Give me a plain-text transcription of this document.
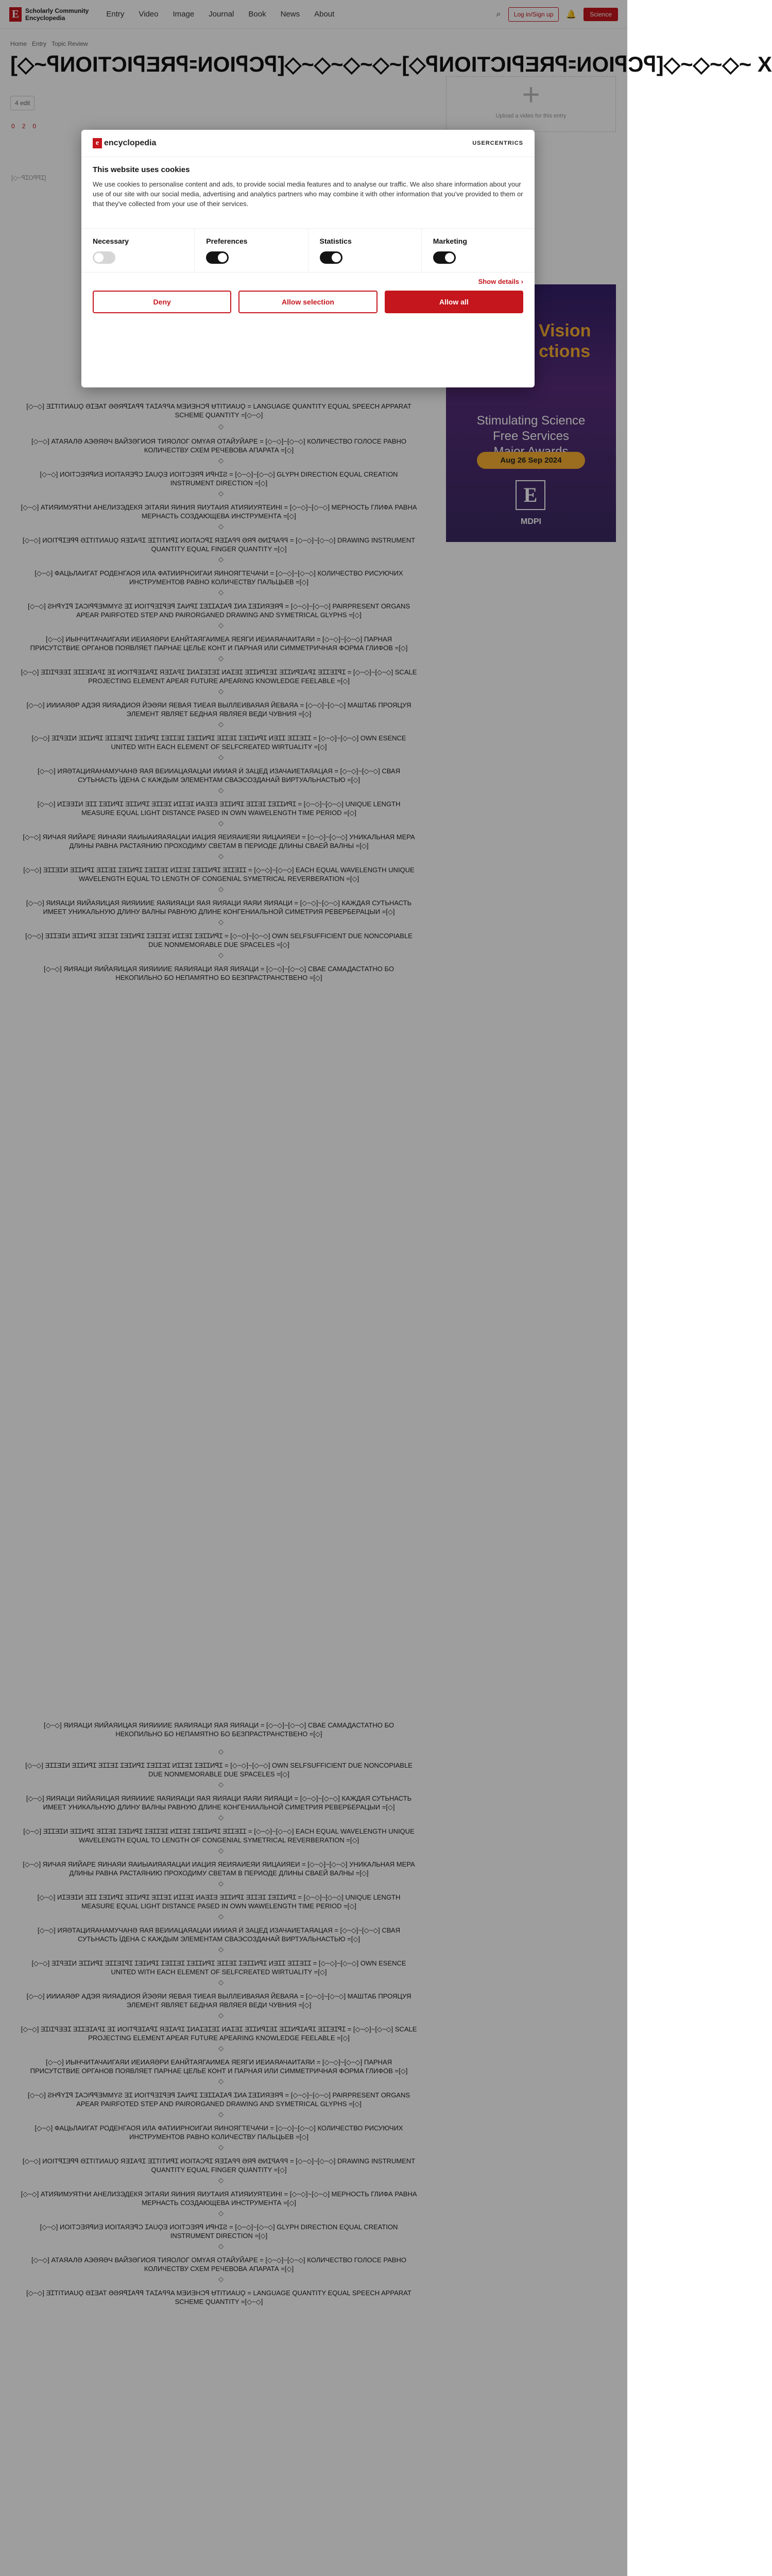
E	Scholarly Community
Encyclopedia	Entry	Video	Image	Journal	Book	News	About	⌕	Log in/Sign up	🔔	Science
Home Entry Topic Review
[◇~ꟼИOITƆIꟼƎЯꟼ꞊ИOIꟼƆꟼ]◇~◇~◇~◇~[◇ꟼИOITƆIꟼƎЯꟼ꞊ИOIꟼƆꟼ]◇~◇~◇~ X
4 edit
0 2 0
+
Upload a video for this entry
[◇~ꟼꞮOꟼꟼꞮ]
Vision
ctions
Stimulating Science
Free Services

Aug 26 Sep 2024
E
MDPI
[◇~◇] ƎꞮTITИAUϘ ӘꞮƎAT ӘӘЯꟼꞮAꟼꟼ ТAꞮAꟼꟼA MƎИƎHƆꟼ ɄTITИAUϘ = LANGUAGE QUANTITY EQUAL SPEECH APPARAT SCHEME QUANTITY =[◇~◇]
◇
[◇~◇] АТАЯАЛӘ АЭӘЯӘЧ ВАЙЗӘГИОЯ ТИЯОЛОГ ОМҮАЯ ОТАЙУЙАРЕ = [◇~◇]~[◇~◇] КОЛИЧЕСТВО ГОЛОСЕ РАВНО КОЛИЧЕСТВУ СХЕМ РЕЧЕВОВА АПАРАТА =[◇]
◇
[◇~◇] ИОITƆƎЯꟼИƎ ИOITAЯƎꟼƆ ꞮAUϘƎ ИOITƆƎЯꟼ ИꟼHꞮƧ = [◇~◇]~[◇~◇] GLYPH DIRECTION EQUAL CREATION INSTRUMENT DIRECTION =[◇]
◇
[◇~◇] АТИЯИМУЯТНИ АНЕЛИЗЭДЕКЯ ЭІТАЯИ ЯИНИЯ ЯИУТАИЯ АТИЯИУЯТЕИНІ = [◇~◇]~[◇~◇] МЕРНОСТЬ ГЛИФА РАВНА МЕРНАСТЬ СОЗДАЮЩЕВА ИНСТРУМЕНТА =[◇]
◇
[◇~◇] ИOITꟼꞮƎꟼꟼ ӘꞮTITИAUϘ ЯƎꞮAꟼꞮ ƎꞮTITИꟼꞮ ИOITAƆꟼꞮ ЯƎꞮAꟼꟼ ӘЯꟼ ӘИꞮꟼAꟼꟼ = [◇~◇]~[◇~◇] DRAWING INSTRUMENT QUANTITY EQUAL FINGER QUANTITY =[◇]
◇
[◇~◇] ФАЦЬЛАИГАТ РОДЕНГАОЯ ИЛА ФАТИИРНОИГАИ ЯИНОЯГТЕЧАЧИ = [◇~◇]~[◇~◇] КОЛИЧЕСТВО РИСУЮЧИХ ИНСТРУМЕНТОВ РАВНО КОЛИЧЕСТВУ ПАЛЬЦЬЕВ =[◇]
◇
[◇~◇] ƧHꟼYꞮꟼ ꞮAƆIꟼꟼƎMMYƧ ƎꞮ ИOITꟼƎꞮꟼƎꟼ ꞮAИꟼꞮ ꞮƎꞮꞮAꞮAꟼ ꞮИA ꞮƎꞮИЯƎЯꟼ = [◇~◇]~[◇~◇] PAIRPRESENT ORGANS APEAR PAIRFOTED STEP AND PAIRORGANED DRAWING AND SYMETRICAL GLYPHS =[◇]
◇
[◇~◇] ИЫНЧИТАЧАИГАЯИ ИЕИАЯӘРИ ЕАНЙТАЯГАИМЕА ЯЕЯГИ ИЕИАЯАЧАИТАЯИ = [◇~◇]~[◇~◇] ПАРНАЯ ПРИСУТСТВИЕ ОРГАНОВ ПОЯВЛЯЕТ ПАРНАЕ ЦЕЛЬЕ КОНТ И ПАРНАЯ ИЛИ СИММЕТРИЧНАЯ ФОРМА ГЛИФОВ =[◇]
◇
[◇~◇] ƎꞮIꞮꟼƎƎꞮ ƎꞮꞮƎꞮAꟼꞮ ƎꞮ ИOITꟼƎꞮAꟼꞮ ЯƎꞮAꟼꞮ ꞮИAꞮƎꞮƎꞮ ИAꞮƎꞮ ƎꞮꞮИꟼꞮƎꞮ ƎꞮꞮИꟼꞮAꟼꞮ ƎꞮꞮƎꞮꟼꞮ = [◇~◇]~[◇~◇] SCALE PROJECTING ELEMENT APEAR FUTURE APEARING KNOWLEDGE FEELABLE =[◇]
◇
[◇~◇] ИИИАЯӘР АДЭЯ ЯИЯАДИОЯ ЙЭӘЯИ ЯЕВАЯ ТИЕАЯ ВЫЛЛЕИВАЯАЯ ЙЕВАЯА = [◇~◇]~[◇~◇] МАШТАБ ПРОЯЦУЯ ЭЛЕМЕНТ ЯВЛЯЕТ БЕДНАЯ ЯВЛЯЕЯ ВЕДИ ЧУВНИЯ =[◇]
◇
[◇~◇] ƎꞮꟼƎꞮИ ƎꞮꞮИꟼꞮ ƎꞮꞮƎꞮꟼꞮ ꞮƎꞮИꟼꞮ ꞮƎꞮꞮƎꞮ ꞮƎꞮꞮИꟼꞮ ƎꞮꞮƎꞮ ꞮƎꞮꞮИꟼꞮ ИƎꞮꞮ ƎꞮꞮƎꞮꞮ = [◇~◇]~[◇~◇] OWN ESENCE UNITED WITH EACH ELEMENT OF SELFCREATED WIRTUALITY =[◇]
◇
[◇~◇] ИЯӘТАЦИЯАНАМУЧАНӘ ЯАЯ ВЕИИАЦАЯАЦАИ ИИИАЯ Ӥ ЗАЦЕД ИЗАЧАИЕТАЯАЦАЯ = [◇~◇]~[◇~◇] СВАЯ СУТЬНАСТЬ ЇДЕНА С КАЖДЫМ ЭЛЕМЕНТАМ СВАЭСОЗДАНАЙ ВИРТУАЛЬНАСТЬЮ =[◇]
◇
[◇~◇] ИꞮƎƎꞮИ ƎꞮꞮ ꞮƎꞮИꟼꞮ ƎꞮꞮИꟼꞮ ƎꞮꞮƎꞮ ИꞮꞮƎꞮ ИAƎꞮƎ ƎꞮꞮИꟼꞮ ƎꞮꞮƎꞮ ꞮƎꞮꞮИꟼꞮ = [◇~◇]~[◇~◇] UNIQUE LENGTH MEASURE EQUAL LIGHT DISTANCE PASED IN OWN WAWELENGTH TIME PERIOD =[◇]
◇
[◇~◇] ЯИЧАЯ ЯИЙАРЕ ЯИНАЯИ ЯАИЫАИЯАЯАЦАИ ИАЦИЯ ЯЕИЯАИЕЯИ ЯИЦАИЯЕИ = [◇~◇]~[◇~◇] УНИКАЛЬНАЯ МЕРА ДЛИНЫ РАВНА РАСТАЯНИЮ ПРОХОДИМУ СВЕТАМ В ПЕРИОДЕ ДЛИНЫ СВАЕЙ ВАЛНЫ =[◇]
◇
[◇~◇] ƎꞮꞮƎꞮИ ƎꞮꞮИꟼꞮ ƎꞮꞮƎꞮ ꞮƎꞮИꟼꞮ ꞮƎꞮꞮƎꞮ ИꞮꞮƎꞮ ꞮƎꞮꞮИꟼꞮ ƎꞮꞮƎꞮꞮ = [◇~◇]~[◇~◇] EACH EQUAL WAVELENGTH UNIQUE WAVELENGTH EQUAL TO LENGTH OF CONGENIAL SYMETRICAL REVERBERATION =[◇]
◇
[◇~◇] ЯИЯАЦИ ЯИЙАЯИЦАЯ ЯИЯИИИЕ ЯАЯИЯАЦИ ЯАЯ ЯИЯАЦИ ЯАЯИ ЯИЯАЦИ = [◇~◇]~[◇~◇] КАЖДАЯ СУТЬНАСТЬ ИМЕЕТ УНИКАЛЬНУЮ ДЛИНУ ВАЛНЫ РАВНУЮ ДЛИНЕ КОНГЕНИАЛЬНОЙ СИМЕТРИЯ РЕВЕРБЕРАЦЫИ =[◇]
◇
[◇~◇] ƎꞮꞮƎꞮИ ƎꞮꞮИꟼꞮ ƎꞮꞮƎꞮ ꞮƎꞮИꟼꞮ ꞮƎꞮꞮƎꞮ ИꞮꞮƎꞮ ꞮƎꞮꞮИꟼꞮ = [◇~◇]~[◇~◇] OWN SELFSUFFICIENT DUE NONCOPIABLE DUE NONMEMORABLE DUE SPACELES =[◇]
◇
[◇~◇] ЯИЯАЦИ ЯИЙАЯИЦАЯ ЯИЯИИИЕ ЯАЯИЯАЦИ ЯАЯ ЯИЯАЦИ = [◇~◇]~[◇~◇] СВАЕ САМАДАСТАТНО БО НЕКОПИЛЬНО БО НЕПАМЯТНО БО БЕЗПРАСТРАНСТВЕНО =[◇]
[◇~◇] ЯИЯАЦИ ЯИЙАЯИЦАЯ ЯИЯИИИЕ ЯАЯИЯАЦИ ЯАЯ ЯИЯАЦИ = [◇~◇]~[◇~◇] СВАЕ САМАДАСТАТНО БО НЕКОПИЛЬНО БО НЕПАМЯТНО БО БЕЗПРАСТРАНСТВЕНО =[◇]
◇
[◇~◇] ƎꞮꞮƎꞮИ ƎꞮꞮИꟼꞮ ƎꞮꞮƎꞮ ꞮƎꞮИꟼꞮ ꞮƎꞮꞮƎꞮ ИꞮꞮƎꞮ ꞮƎꞮꞮИꟼꞮ = [◇~◇]~[◇~◇] OWN SELFSUFFICIENT DUE NONCOPIABLE DUE NONMEMORABLE DUE SPACELES =[◇]
◇
[◇~◇] ЯИЯАЦИ ЯИЙАЯИЦАЯ ЯИЯИИИЕ ЯАЯИЯАЦИ ЯАЯ ЯИЯАЦИ ЯАЯИ ЯИЯАЦИ = [◇~◇]~[◇~◇] КАЖДАЯ СУТЬНАСТЬ ИМЕЕТ УНИКАЛЬНУЮ ДЛИНУ ВАЛНЫ РАВНУЮ ДЛИНЕ КОНГЕНИАЛЬНОЙ СИМЕТРИЯ РЕВЕРБЕРАЦЫИ =[◇]
◇
[◇~◇] ƎꞮꞮƎꞮИ ƎꞮꞮИꟼꞮ ƎꞮꞮƎꞮ ꞮƎꞮИꟼꞮ ꞮƎꞮꞮƎꞮ ИꞮꞮƎꞮ ꞮƎꞮꞮИꟼꞮ ƎꞮꞮƎꞮꞮ = [◇~◇]~[◇~◇] EACH EQUAL WAVELENGTH UNIQUE WAVELENGTH EQUAL TO LENGTH OF CONGENIAL SYMETRICAL REVERBERATION =[◇]
◇
[◇~◇] ЯИЧАЯ ЯИЙАРЕ ЯИНАЯИ ЯАИЫАИЯАЯАЦАИ ИАЦИЯ ЯЕИЯАИЕЯИ ЯИЦАИЯЕИ = [◇~◇]~[◇~◇] УНИКАЛЬНАЯ МЕРА ДЛИНЫ РАВНА РАСТАЯНИЮ ПРОХОДИМУ СВЕТАМ В ПЕРИОДЕ ДЛИНЫ СВАЕЙ ВАЛНЫ =[◇]
◇
[◇~◇] ИꞮƎƎꞮИ ƎꞮꞮ ꞮƎꞮИꟼꞮ ƎꞮꞮИꟼꞮ ƎꞮꞮƎꞮ ИꞮꞮƎꞮ ИAƎꞮƎ ƎꞮꞮИꟼꞮ ƎꞮꞮƎꞮ ꞮƎꞮꞮИꟼꞮ = [◇~◇]~[◇~◇] UNIQUE LENGTH MEASURE EQUAL LIGHT DISTANCE PASED IN OWN WAWELENGTH TIME PERIOD =[◇]
◇
[◇~◇] ИЯӘТАЦИЯАНАМУЧАНӘ ЯАЯ ВЕИИАЦАЯАЦАИ ИИИАЯ Ӥ ЗАЦЕД ИЗАЧАИЕТАЯАЦАЯ = [◇~◇]~[◇~◇] СВАЯ СУТЬНАСТЬ ЇДЕНА С КАЖДЫМ ЭЛЕМЕНТАМ СВАЭСОЗДАНАЙ ВИРТУАЛЬНАСТЬЮ =[◇]
◇
[◇~◇] ƎꞮꟼƎꞮИ ƎꞮꞮИꟼꞮ ƎꞮꞮƎꞮꟼꞮ ꞮƎꞮИꟼꞮ ꞮƎꞮꞮƎꞮ ꞮƎꞮꞮИꟼꞮ ƎꞮꞮƎꞮ ꞮƎꞮꞮИꟼꞮ ИƎꞮꞮ ƎꞮꞮƎꞮꞮ = [◇~◇]~[◇~◇] OWN ESENCE UNITED WITH EACH ELEMENT OF SELFCREATED WIRTUALITY =[◇]
◇
[◇~◇] ИИИАЯӘР АДЭЯ ЯИЯАДИОЯ ЙЭӘЯИ ЯЕВАЯ ТИЕАЯ ВЫЛЛЕИВАЯАЯ ЙЕВАЯА = [◇~◇]~[◇~◇] МАШТАБ ПРОЯЦУЯ ЭЛЕМЕНТ ЯВЛЯЕТ БЕДНАЯ ЯВЛЯЕЯ ВЕДИ ЧУВНИЯ =[◇]
◇
[◇~◇] ƎꞮIꞮꟼƎƎꞮ ƎꞮꞮƎꞮAꟼꞮ ƎꞮ ИOITꟼƎꞮAꟼꞮ ЯƎꞮAꟼꞮ ꞮИAꞮƎꞮƎꞮ ИAꞮƎꞮ ƎꞮꞮИꟼꞮƎꞮ ƎꞮꞮИꟼꞮAꟼꞮ ƎꞮꞮƎꞮꟼꞮ = [◇~◇]~[◇~◇] SCALE PROJECTING ELEMENT APEAR FUTURE APEARING KNOWLEDGE FEELABLE =[◇]
◇
[◇~◇] ИЫНЧИТАЧАИГАЯИ ИЕИАЯӘРИ ЕАНЙТАЯГАИМЕА ЯЕЯГИ ИЕИАЯАЧАИТАЯИ = [◇~◇]~[◇~◇] ПАРНАЯ ПРИСУТСТВИЕ ОРГАНОВ ПОЯВЛЯЕТ ПАРНАЕ ЦЕЛЬЕ КОНТ И ПАРНАЯ ИЛИ СИММЕТРИЧНАЯ ФОРМА ГЛИФОВ =[◇]
◇
[◇~◇] ƧHꟼYꞮꟼ ꞮAƆIꟼꟼƎMMYƧ ƎꞮ ИOITꟼƎꞮꟼƎꟼ ꞮAИꟼꞮ ꞮƎꞮꞮAꞮAꟼ ꞮИA ꞮƎꞮИЯƎЯꟼ = [◇~◇]~[◇~◇] PAIRPRESENT ORGANS APEAR PAIRFOTED STEP AND PAIRORGANED DRAWING AND SYMETRICAL GLYPHS =[◇]
◇
[◇~◇] ФАЦЬЛАИГАТ РОДЕНГАОЯ ИЛА ФАТИИРНОИГАИ ЯИНОЯГТЕЧАЧИ = [◇~◇]~[◇~◇] КОЛИЧЕСТВО РИСУЮЧИХ ИНСТРУМЕНТОВ РАВНО КОЛИЧЕСТВУ ПАЛЬЦЬЕВ =[◇]
◇
[◇~◇] ИOITꟼꞮƎꟼꟼ ӘꞮTITИAUϘ ЯƎꞮAꟼꞮ ƎꞮTITИꟼꞮ ИOITAƆꟼꞮ ЯƎꞮAꟼꟼ ӘЯꟼ ӘИꞮꟼAꟼꟼ = [◇~◇]~[◇~◇] DRAWING INSTRUMENT QUANTITY EQUAL FINGER QUANTITY =[◇]
◇
[◇~◇] АТИЯИМУЯТНИ АНЕЛИЗЭДЕКЯ ЭІТАЯИ ЯИНИЯ ЯИУТАИЯ АТИЯИУЯТЕИНІ = [◇~◇]~[◇~◇] МЕРНОСТЬ ГЛИФА РАВНА МЕРНАСТЬ СОЗДАЮЩЕВА ИНСТРУМЕНТА =[◇]
◇
[◇~◇] ИОITƆƎЯꟼИƎ ИOITAЯƎꟼƆ ꞮAUϘƎ ИOITƆƎЯꟼ ИꟼHꞮƧ = [◇~◇]~[◇~◇] GLYPH DIRECTION EQUAL CREATION INSTRUMENT DIRECTION =[◇]
◇
[◇~◇] АТАЯАЛӘ АЭӘЯӘЧ ВАЙЗӘГИОЯ ТИЯОЛОГ ОМҮАЯ ОТАЙУЙАРЕ = [◇~◇]~[◇~◇] КОЛИЧЕСТВО ГОЛОСЕ РАВНО КОЛИЧЕСТВУ СХЕМ РЕЧЕВОВА АПАРАТА =[◇]
◇
[◇~◇] ƎꞮTITИAUϘ ӘꞮƎAT ӘӘЯꟼꞮAꟼꟼ ТAꞮAꟼꟼA MƎИƎHƆꟼ ɄTITИAUϘ = LANGUAGE QUANTITY EQUAL SPEECH APPARAT SCHEME QUANTITY =[◇~◇]
e encyclopedia	USERCENTRICS
This website uses cookies
We use cookies to personalise content and ads, to provide social media features and to analyse our traffic. We also share information about your use of our site with our social media, advertising and analytics partners who may combine it with other information that you've provided to them or that they've collected from your use of their services.
Necessary	Preferences	Statistics	Marketing
Show details ›
Deny	Allow selection	Allow all
